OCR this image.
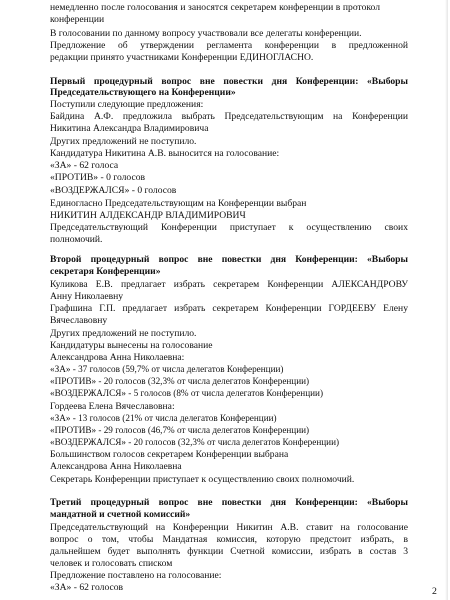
немедленно после голосования и заносятся секретарем конференции в протокол
конференции
В голосовании по данному вопросу участвовали все делегаты конференции.
Предложение об утверждении регламента конференции в предложенной
редакции принято участниками Конференции ЕДИНОГЛАСНО.
Первый процедурный вопрос вне повестки дня Конференции: «Выборы
Председательствующего на Конференции»
Поступили следующие предложения:
Байдина А.Ф. предложила выбрать Председательствующим на Конференции
Никитина Александра Владимировича
Других предложений не поступило.
Кандидатура Никитина А.В. выносится на голосование:
«ЗА» - 62 голоса
«ПРОТИВ» - 0 голосов
«ВОЗДЕРЖАЛСЯ» - 0 голосов
Единогласно Председательствующим на Конференции выбран
НИКИТИН АЛДЕКСАНДР ВЛАДИМИРОВИЧ
Председательствующий Конференции приступает к осуществлению своих
полномочий.
Второй процедурный вопрос вне повестки дня Конференции: «Выборы
секретаря Конференции»
Куликова Е.В. предлагает избрать секретарем Конференции АЛЕКСАНДРОВУ
Анну Николаевну
Графшина Г.П. предлагает избрать секретарем Конференции ГОРДЕЕВУ Елену
Вячеславовну
Других предложений не поступило.
Кандидатуры вынесены на голосование
Александрова Анна Николаевна:
«ЗА» - 37 голосов (59,7% от числа делегатов Конференции)
«ПРОТИВ» - 20 голосов (32,3% от числа делегатов Конференции)
«ВОЗДЕРЖАЛСЯ» - 5 голосов (8% от числа делегатов Конференции)
Гордеева Елена Вячеславовна:
«ЗА» - 13 голосов (21% от числа делегатов Конференции)
«ПРОТИВ» - 29 голосов (46,7% от числа делегатов Конференции)
«ВОЗДЕРЖАЛСЯ» - 20 голосов (32,3% от числа делегатов Конференции)
Большинством голосов секретарем Конференции выбрана
Александрова Анна Николаевна
Секретарь Конференции приступает к осуществлению своих полномочий.
Третий процедурный вопрос вне повестки дня Конференции: «Выборы
мандатной и счетной комиссий»
Председательствующий на Конференции Никитин А.В. ставит на голосование
вопрос о том, чтобы Мандатная комиссия, которую предстоит избрать, в
дальнейшем будет выполнять функции Счетной комиссии, избрать в состав 3
человек и голосовать списком
Предложение поставлено на голосование:
«ЗА» - 62 голосов	2
